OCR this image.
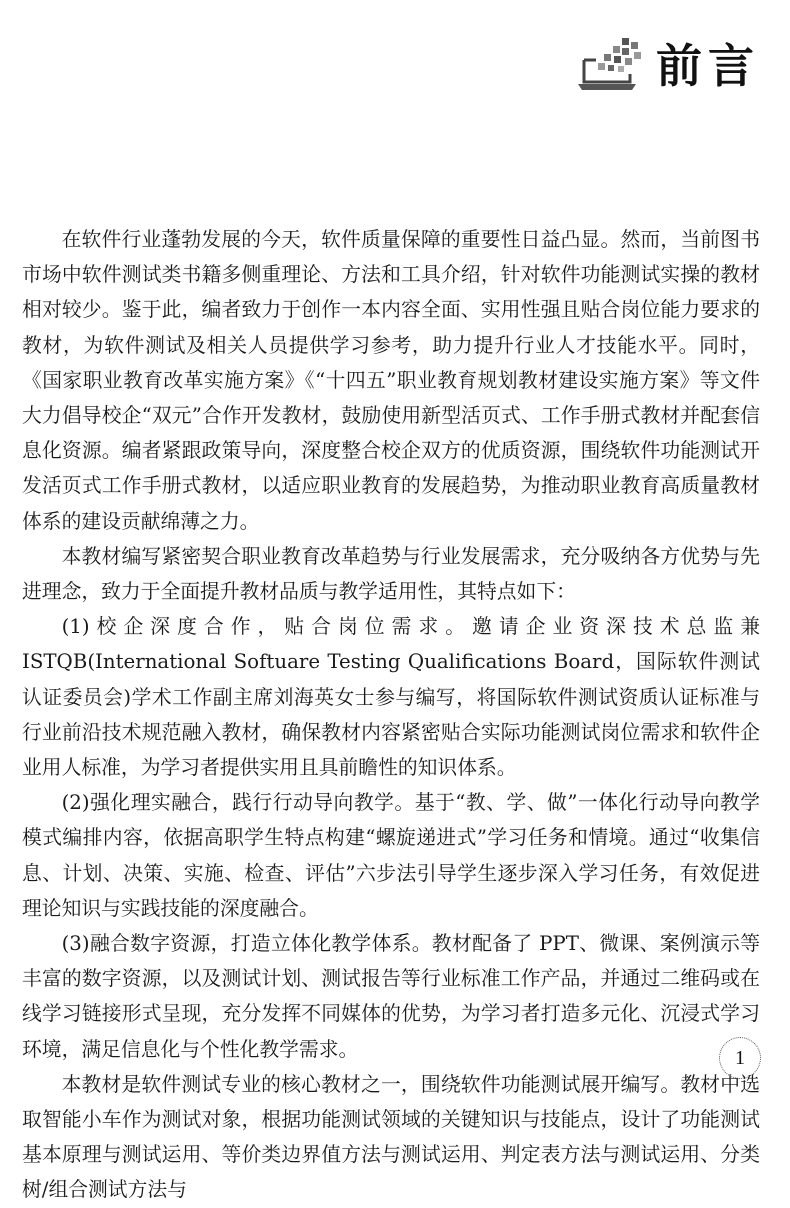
前言

在软件行业蓬勃发展的今天，软件质量保障的重要性日益凸显。然而，当前图书市场中软件测试类书籍多侧重理论、方法和工具介绍，针对软件功能测试实操的教材相对较少。鉴于此，编者致力于创作一本内容全面、实用性强且贴合岗位能力要求的教材，为软件测试及相关人员提供学习参考，助力提升行业人才技能水平。同时，《国家职业教育改革实施方案》《“十四五”职业教育规划教材建设实施方案》等文件大力倡导校企“双元”合作开发教材，鼓励使用新型活页式、工作手册式教材并配套信息化资源。编者紧跟政策导向，深度整合校企双方的优质资源，围绕软件功能测试开发活页式工作手册式教材，以适应职业教育的发展趋势，为推动职业教育高质量教材体系的建设贡献绵薄之力。

本教材编写紧密契合职业教育改革趋势与行业发展需求，充分吸纳各方优势与先进理念，致力于全面提升教材品质与教学适用性，其特点如下：

(1)校企深度合作，贴合岗位需求。邀请企业资深技术总监兼 ISTQB(International Softuare Testing Qualifications Board，国际软件测试认证委员会)学术工作副主席刘海英女士参与编写，将国际软件测试资质认证标准与行业前沿技术规范融入教材，确保教材内容紧密贴合实际功能测试岗位需求和软件企业用人标准，为学习者提供实用且具前瞻性的知识体系。

(2)强化理实融合，践行行动导向教学。基于“教、学、做”一体化行动导向教学模式编排内容，依据高职学生特点构建“螺旋递进式”学习任务和情境。通过“收集信息、计划、决策、实施、检查、评估”六步法引导学生逐步深入学习任务，有效促进理论知识与实践技能的深度融合。

(3)融合数字资源，打造立体化教学体系。教材配备了 PPT、微课、案例演示等丰富的数字资源，以及测试计划、测试报告等行业标准工作产品，并通过二维码或在线学习链接形式呈现，充分发挥不同媒体的优势，为学习者打造多元化、沉浸式学习环境，满足信息化与个性化教学需求。

本教材是软件测试专业的核心教材之一，围绕软件功能测试展开编写。教材中选取智能小车作为测试对象，根据功能测试领域的关键知识与技能点，设计了功能测试基本原理与测试运用、等价类边界值方法与测试运用、判定表方法与测试运用、分类树/组合测试方法与

1
